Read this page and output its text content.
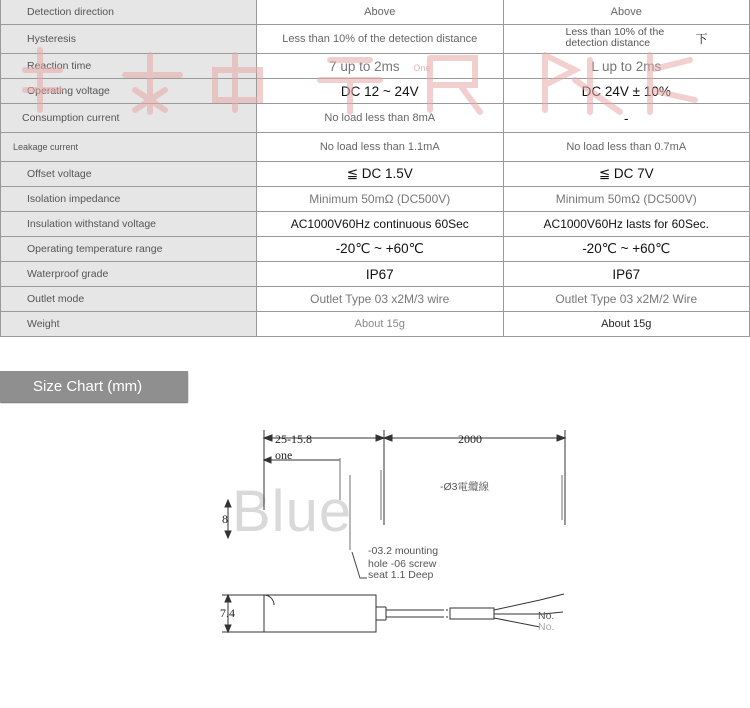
Detection direction	Above	Above
Hysteresis	Less than 10% of the detection distance	Less than 10% of the detection distance 下

Reaction time	7 up to 2ms One	L up to 2ms
Operating voltage	DC 12 ~ 24V	DC 24V ± 10%
Consumption current	No load less than 8mA	-
Leakage current	No load less than 1.1mA	No load less than 0.7mA
Offset voltage	≦ DC 1.5V	≦ DC 7V
Isolation impedance	Minimum 50mΩ (DC500V)	Minimum 50mΩ (DC500V)
Insulation withstand voltage	AC1000V60Hz continuous 60Sec	AC1000V60Hz lasts for 60Sec.
Operating temperature range	-20℃ ~ +60℃	-20℃ ~ +60℃
Waterproof grade	IP67	IP67
Outlet mode	Outlet Type 03 x2M/3 wire	Outlet Type 03 x2M/2 Wire
Weight	About 15g	About 15g
Size Chart (mm)
Blue
25-15.8
one
2000
-Ø3電纜線
8
-03.2 mounting
hole -06 screw
seat 1.1 Deep
7.4	No.
No.
